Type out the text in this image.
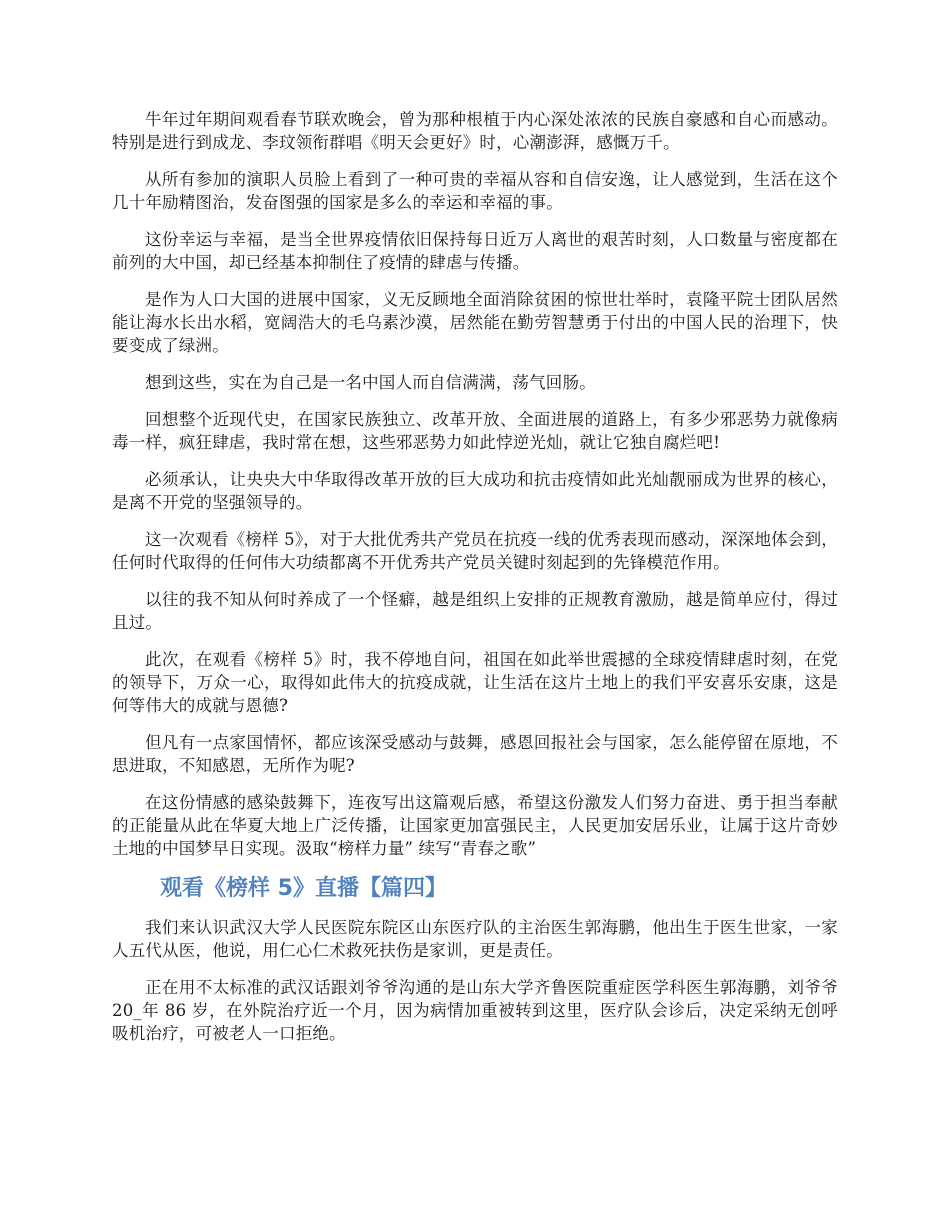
牛年过年期间观看春节联欢晚会，曾为那种根植于内心深处浓浓的民族自豪感和自心而感动。特别是进行到成龙、李玟领衔群唱《明天会更好》时，心潮澎湃，感慨万千。

从所有参加的演职人员脸上看到了一种可贵的幸福从容和自信安逸，让人感觉到，生活在这个几十年励精图治，发奋图强的国家是多么的幸运和幸福的事。

这份幸运与幸福，是当全世界疫情依旧保持每日近万人离世的艰苦时刻，人口数量与密度都在前列的大中国，却已经基本抑制住了疫情的肆虐与传播。

是作为人口大国的进展中国家，义无反顾地全面消除贫困的惊世壮举时，袁隆平院士团队居然能让海水长出水稻，宽阔浩大的毛乌素沙漠，居然能在勤劳智慧勇于付出的中国人民的治理下，快要变成了绿洲。

想到这些，实在为自己是一名中国人而自信满满，荡气回肠。

回想整个近现代史，在国家民族独立、改革开放、全面进展的道路上，有多少邪恶势力就像病毒一样，疯狂肆虐，我时常在想，这些邪恶势力如此悖逆光灿，就让它独自腐烂吧!

必须承认，让央央大中华取得改革开放的巨大成功和抗击疫情如此光灿靓丽成为世界的核心，是离不开党的坚强领导的。

这一次观看《榜样 5》，对于大批优秀共产党员在抗疫一线的优秀表现而感动，深深地体会到，任何时代取得的任何伟大功绩都离不开优秀共产党员关键时刻起到的先锋模范作用。

以往的我不知从何时养成了一个怪癖，越是组织上安排的正规教育激励，越是简单应付，得过且过。

此次，在观看《榜样 5》时，我不停地自问，祖国在如此举世震撼的全球疫情肆虐时刻，在党的领导下，万众一心，取得如此伟大的抗疫成就，让生活在这片土地上的我们平安喜乐安康，这是何等伟大的成就与恩德?

但凡有一点家国情怀，都应该深受感动与鼓舞，感恩回报社会与国家，怎么能停留在原地，不思进取，不知感恩，无所作为呢?

在这份情感的感染鼓舞下，连夜写出这篇观后感，希望这份激发人们努力奋进、勇于担当奉献的正能量从此在华夏大地上广泛传播，让国家更加富强民主，人民更加安居乐业，让属于这片奇妙土地的中国梦早日实现。汲取“榜样力量” 续写“青春之歌”

观看《榜样 5》直播【篇四】

我们来认识武汉大学人民医院东院区山东医疗队的主治医生郭海鹏，他出生于医生世家，一家人五代从医，他说，用仁心仁术救死扶伤是家训，更是责任。

正在用不太标准的武汉话跟刘爷爷沟通的是山东大学齐鲁医院重症医学科医生郭海鹏，刘爷爷 20_年 86 岁，在外院治疗近一个月，因为病情加重被转到这里，医疗队会诊后，决定采纳无创呼吸机治疗，可被老人一口拒绝。
